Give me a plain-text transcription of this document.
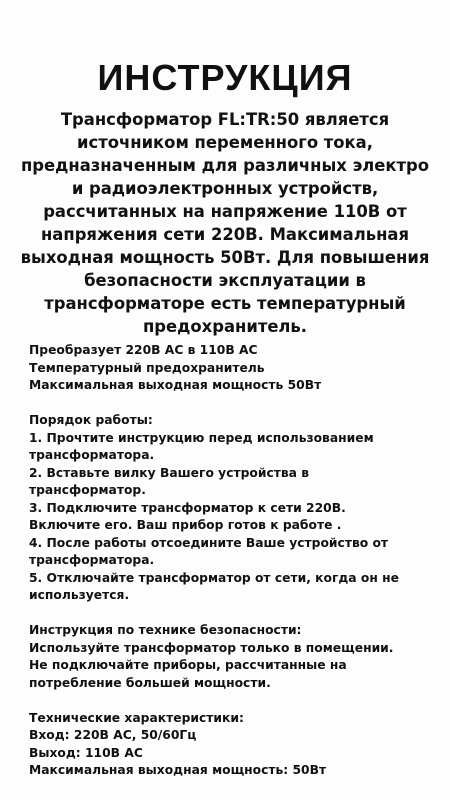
ИНСТРУКЦИЯ
Трансформатор FL:TR:50 является
источником переменного тока,
предназначенным для различных электро
и радиоэлектронных устройств,
рассчитанных на напряжение 110В от
напряжения сети 220В. Максимальная
выходная мощность 50Вт. Для повышения
безопасности эксплуатации в
трансформаторе есть температурный
предохранитель.
Преобразует 220В AC в 110В AC
Температурный предохранитель
Максимальная выходная мощность 50Вт
Порядок работы:
1. Прочтите инструкцию перед использованием
трансформатора.
2. Вставьте вилку Вашего устройства в
трансформатор.
3. Подключите трансформатор к сети 220В.
Включите его. Ваш прибор готов к работе .
4. После работы отсоедините Ваше устройство от
трансформатора.
5. Отключайте трансформатор от сети, когда он не
используется.
Инструкция по технике безопасности:
Используйте трансформатор только в помещении.
Не подключайте приборы, рассчитанные на
потребление большей мощности.
Технические характеристики:
Вход: 220В AC, 50/60Гц
Выход: 110В AC
Максимальная выходная мощность: 50Вт
